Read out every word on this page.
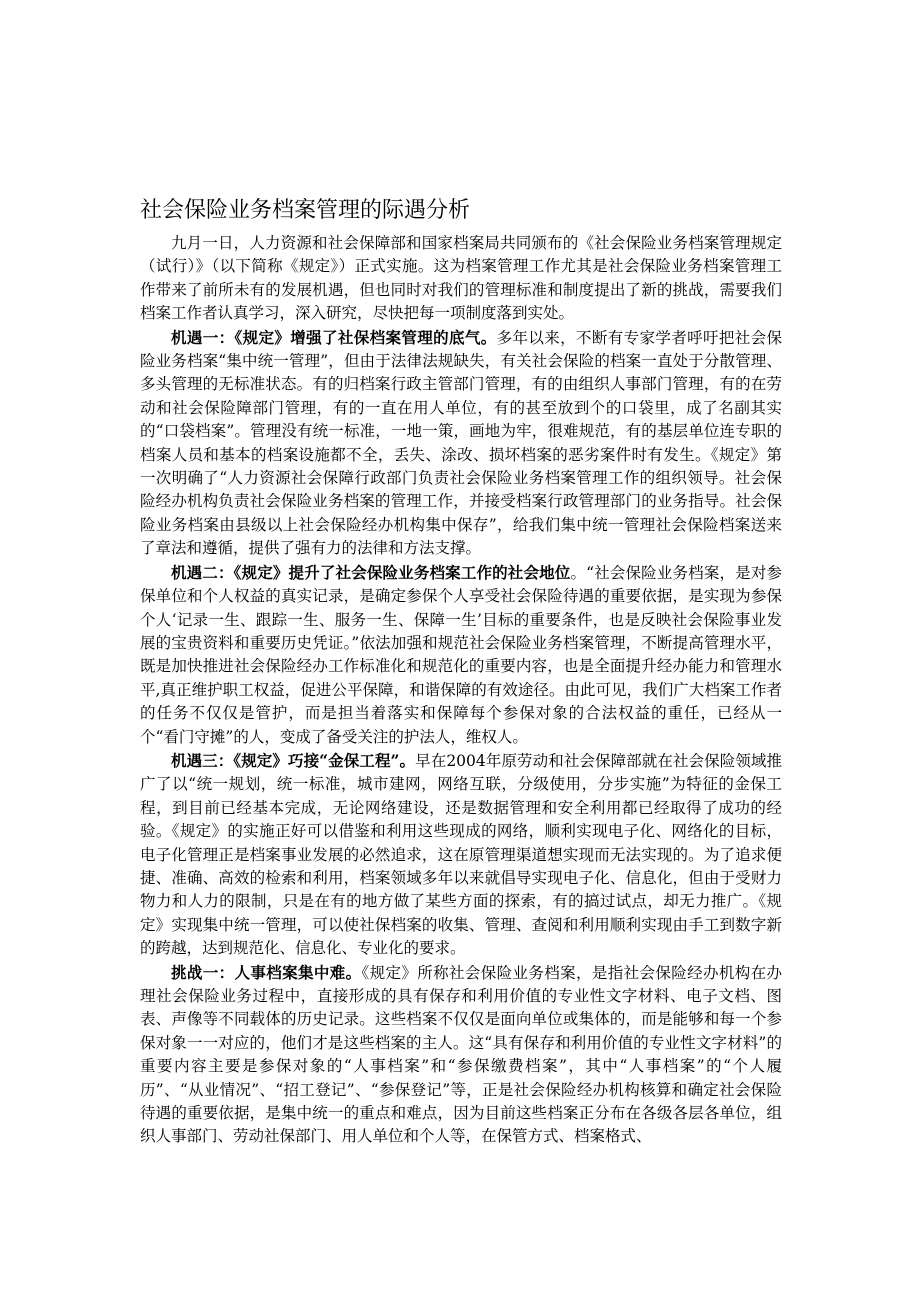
社会保险业务档案管理的际遇分析

九月一日，人力资源和社会保障部和国家档案局共同颁布的《社会保险业务档案管理规定（试行）》（以下简称《规定》）正式实施。这为档案管理工作尤其是社会保险业务档案管理工作带来了前所未有的发展机遇，但也同时对我们的管理标准和制度提出了新的挑战，需要我们档案工作者认真学习，深入研究，尽快把每一项制度落到实处。

机遇一：《规定》增强了社保档案管理的底气。多年以来，不断有专家学者呼吁把社会保险业务档案“集中统一管理”，但由于法律法规缺失，有关社会保险的档案一直处于分散管理、多头管理的无标准状态。有的归档案行政主管部门管理，有的由组织人事部门管理，有的在劳动和社会保险障部门管理，有的一直在用人单位，有的甚至放到个的口袋里，成了名副其实的“口袋档案”。管理没有统一标准，一地一策，画地为牢，很难规范，有的基层单位连专职的档案人员和基本的档案设施都不全，丢失、涂改、损坏档案的恶劣案件时有发生。《规定》第一次明确了“人力资源社会保障行政部门负责社会保险业务档案管理工作的组织领导。社会保险经办机构负责社会保险业务档案的管理工作，并接受档案行政管理部门的业务指导。社会保险业务档案由县级以上社会保险经办机构集中保存”，给我们集中统一管理社会保险档案送来了章法和遵循，提供了强有力的法律和方法支撑。

机遇二：《规定》提升了社会保险业务档案工作的社会地位。“社会保险业务档案，是对参保单位和个人权益的真实记录，是确定参保个人享受社会保险待遇的重要依据，是实现为参保个人‘记录一生、跟踪一生、服务一生、保障一生’目标的重要条件，也是反映社会保险事业发展的宝贵资料和重要历史凭证。”依法加强和规范社会保险业务档案管理，不断提高管理水平，既是加快推进社会保险经办工作标准化和规范化的重要内容，也是全面提升经办能力和管理水平,真正维护职工权益，促进公平保障，和谐保障的有效途径。由此可见，我们广大档案工作者的任务不仅仅是管护，而是担当着落实和保障每个参保对象的合法权益的重任，已经从一个“看门守摊”的人，变成了备受关注的护法人，维权人。

机遇三：《规定》巧接“金保工程”。早在2004年原劳动和社会保障部就在社会保险领域推广了以“统一规划，统一标准，城市建网，网络互联，分级使用，分步实施”为特征的金保工程，到目前已经基本完成，无论网络建设，还是数据管理和安全利用都已经取得了成功的经验。《规定》的实施正好可以借鉴和利用这些现成的网络，顺利实现电子化、网络化的目标，电子化管理正是档案事业发展的必然追求，这在原管理渠道想实现而无法实现的。为了追求便捷、准确、高效的检索和利用，档案领域多年以来就倡导实现电子化、信息化，但由于受财力物力和人力的限制，只是在有的地方做了某些方面的探索，有的搞过试点，却无力推广。《规定》实现集中统一管理，可以使社保档案的收集、管理、查阅和利用顺利实现由手工到数字新的跨越，达到规范化、信息化、专业化的要求。

挑战一：人事档案集中难。《规定》所称社会保险业务档案，是指社会保险经办机构在办理社会保险业务过程中，直接形成的具有保存和利用价值的专业性文字材料、电子文档、图表、声像等不同载体的历史记录。这些档案不仅仅是面向单位或集体的，而是能够和每一个参保对象一一对应的，他们才是这些档案的主人。这“具有保存和利用价值的专业性文字材料”的重要内容主要是参保对象的“人事档案”和“参保缴费档案”，其中“人事档案”的“个人履历”、“从业情况”、“招工登记”、“参保登记”等，正是社会保险经办机构核算和确定社会保险待遇的重要依据，是集中统一的重点和难点，因为目前这些档案正分布在各级各层各单位，组织人事部门、劳动社保部门、用人单位和个人等，在保管方式、档案格式、
